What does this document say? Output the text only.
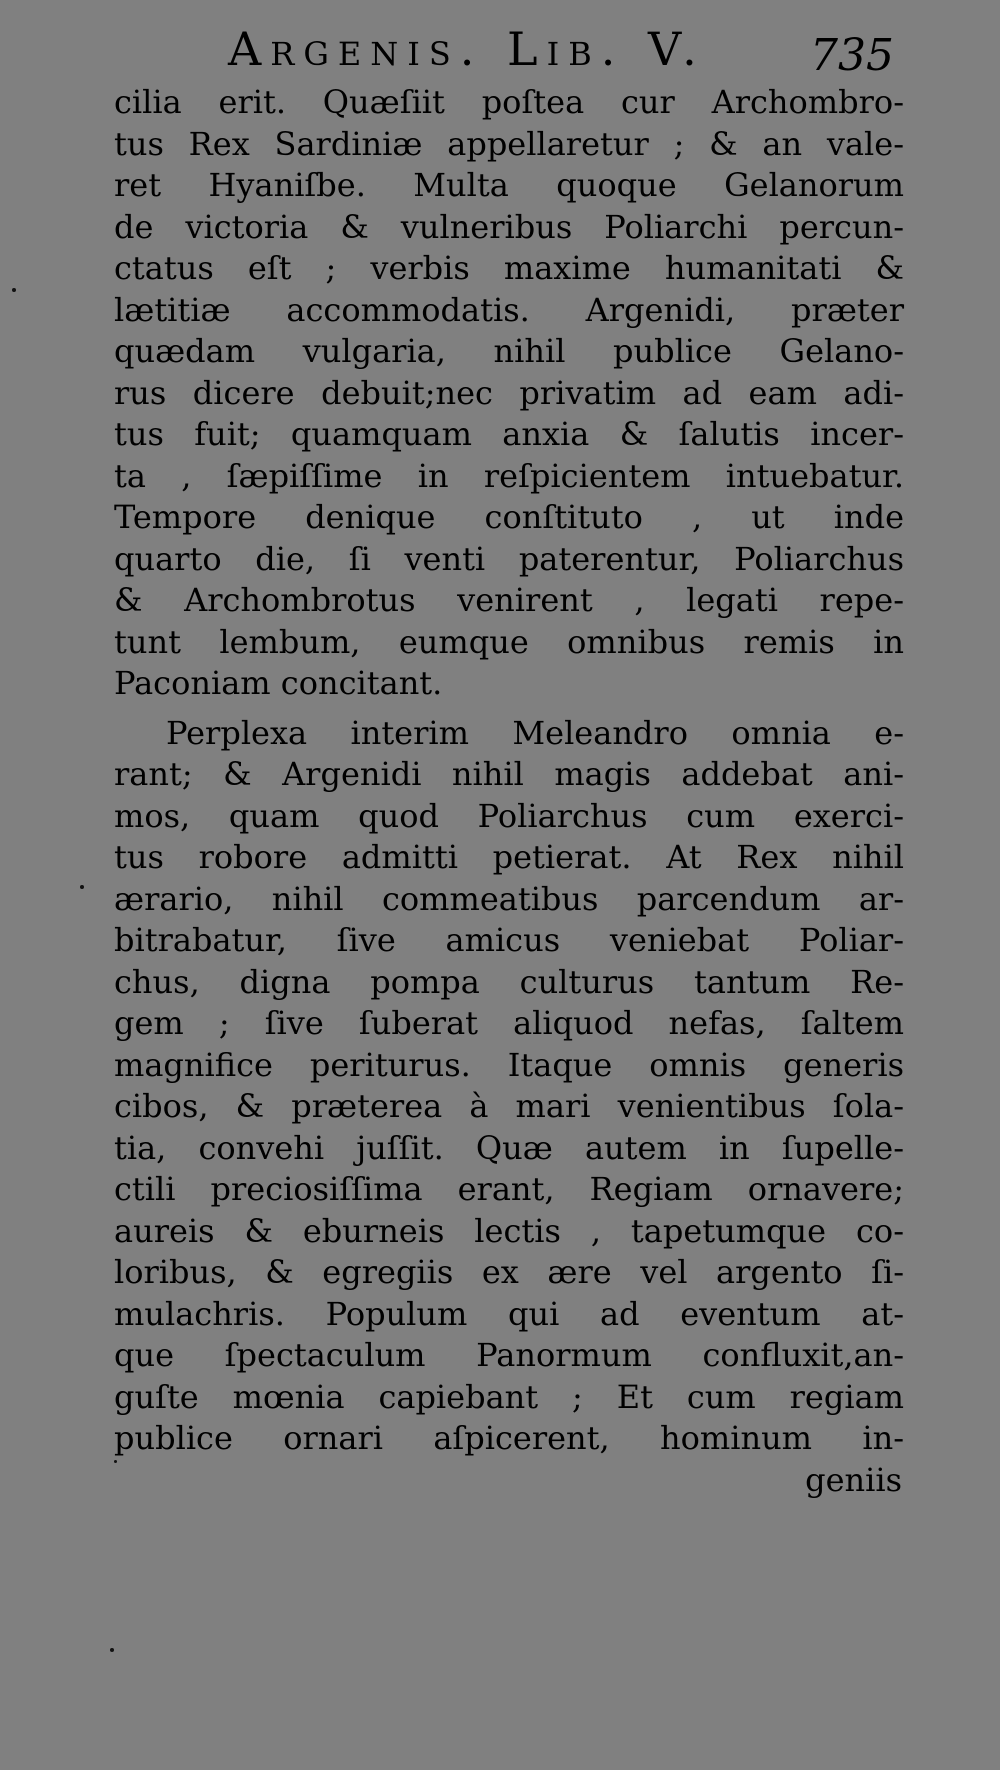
Argenis. Lib. V. 735
cilia erit. Quæſiit poſtea cur Archombro-
tus Rex Sardiniæ appellaretur ; & an vale-
ret Hyaniſbe. Multa quoque Gelanorum
de victoria & vulneribus Poliarchi percun-
ctatus eſt ; verbis maxime humanitati &
lætitiæ accommodatis. Argenidi, præter
quædam vulgaria, nihil publice Gelano-
rus dicere debuit;nec privatim ad eam adi-
tus fuit; quamquam anxia & ſalutis incer-
ta , ſæpiſſime in reſpicientem intuebatur.
Tempore denique conſtituto , ut inde
quarto die, ſi venti paterentur, Poliarchus
& Archombrotus venirent , legati repe-
tunt lembum, eumque omnibus remis in
Paconiam concitant.
Perplexa interim Meleandro omnia e-
rant; & Argenidi nihil magis addebat ani-
mos, quam quod Poliarchus cum exerci-
tus robore admitti petierat. At Rex nihil
ærario, nihil commeatibus parcendum ar-
bitrabatur, ſive amicus veniebat Poliar-
chus, digna pompa culturus tantum Re-
gem ; ſive ſuberat aliquod nefas, ſaltem
magnifice periturus. Itaque omnis generis
cibos, & præterea à mari venientibus ſola-
tia, convehi juſſit. Quæ autem in ſupelle-
ctili preciosiſſima erant, Regiam ornavere;
aureis & eburneis lectis , tapetumque co-
loribus, & egregiis ex ære vel argento ſi-
mulachris. Populum qui ad eventum at-
que ſpectaculum Panormum confluxit,an-
guſte mœnia capiebant ; Et cum regiam
publice ornari aſpicerent, hominum in-
geniis
